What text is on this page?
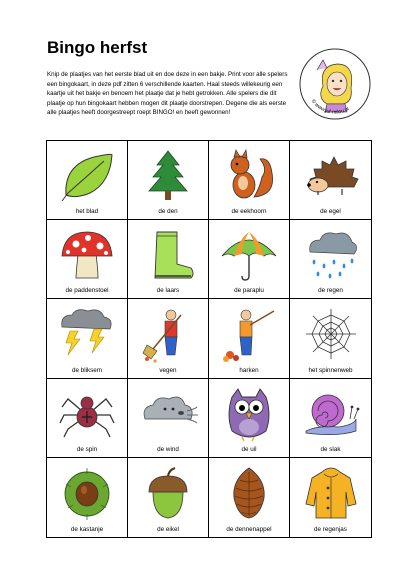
Bingo herfst
Knip de plaatjes van het eerste blad uit en doe deze in een bakje. Print voor alle spelers een bingokaart, in deze pdf zitten 6 verschillende kaarten. Haal steeds willekeurig een kaartje uit het bakje en benoem het plaatje dat je hebt getrokken. Alle spelers die dit plaatje op hun bingokaart hebben mogen dit plaatje doorstrepen. Degene die als eerste alle plaatjes heeft doorgestreept roept BINGO! en heeft gewonnen!
© www.juf-milou.nl
het blad	de den	de eekhoorn	de egel
de paddenstoel	de laars	de paraplu	de regen
de bliksem	vegen	harken	het spinnenweb
de spin	de wind	de uil	de slak
de kastanje	de eikel	de dennenappel	de regenjas
